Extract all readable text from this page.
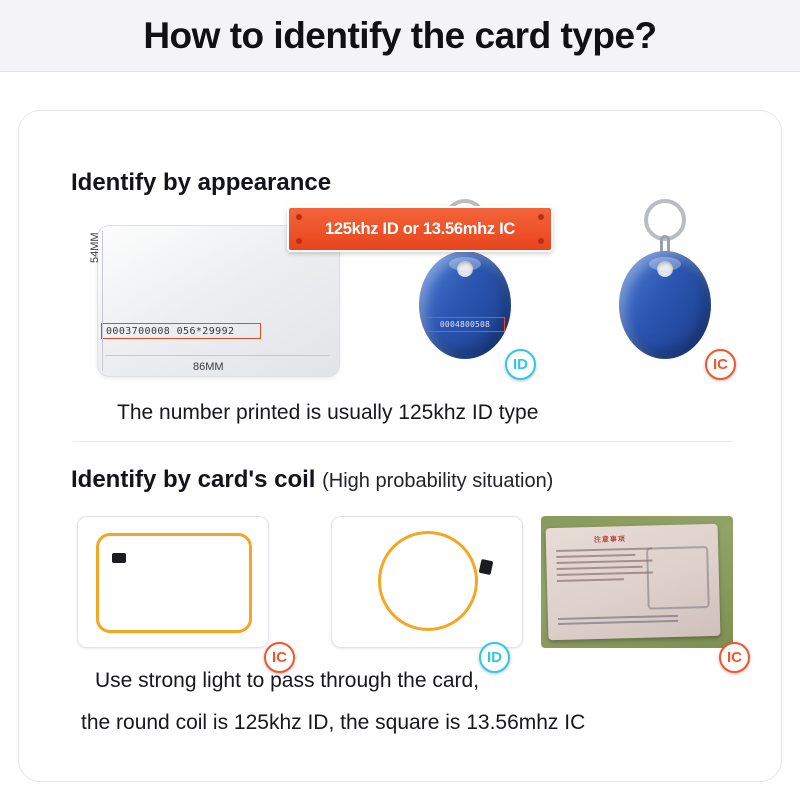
How to identify the card type?
125khz ID or 13.56mhz IC
Identify by appearance
0003700008 056*29992
54MM
86MM
0004800508
ID	IC
The number printed is usually 125khz ID type
Identify by card's coil (High probability situation)
注意事项
IC	ID	IC
Use strong light to pass through the card,
the round coil is 125khz ID, the square is 13.56mhz IC
